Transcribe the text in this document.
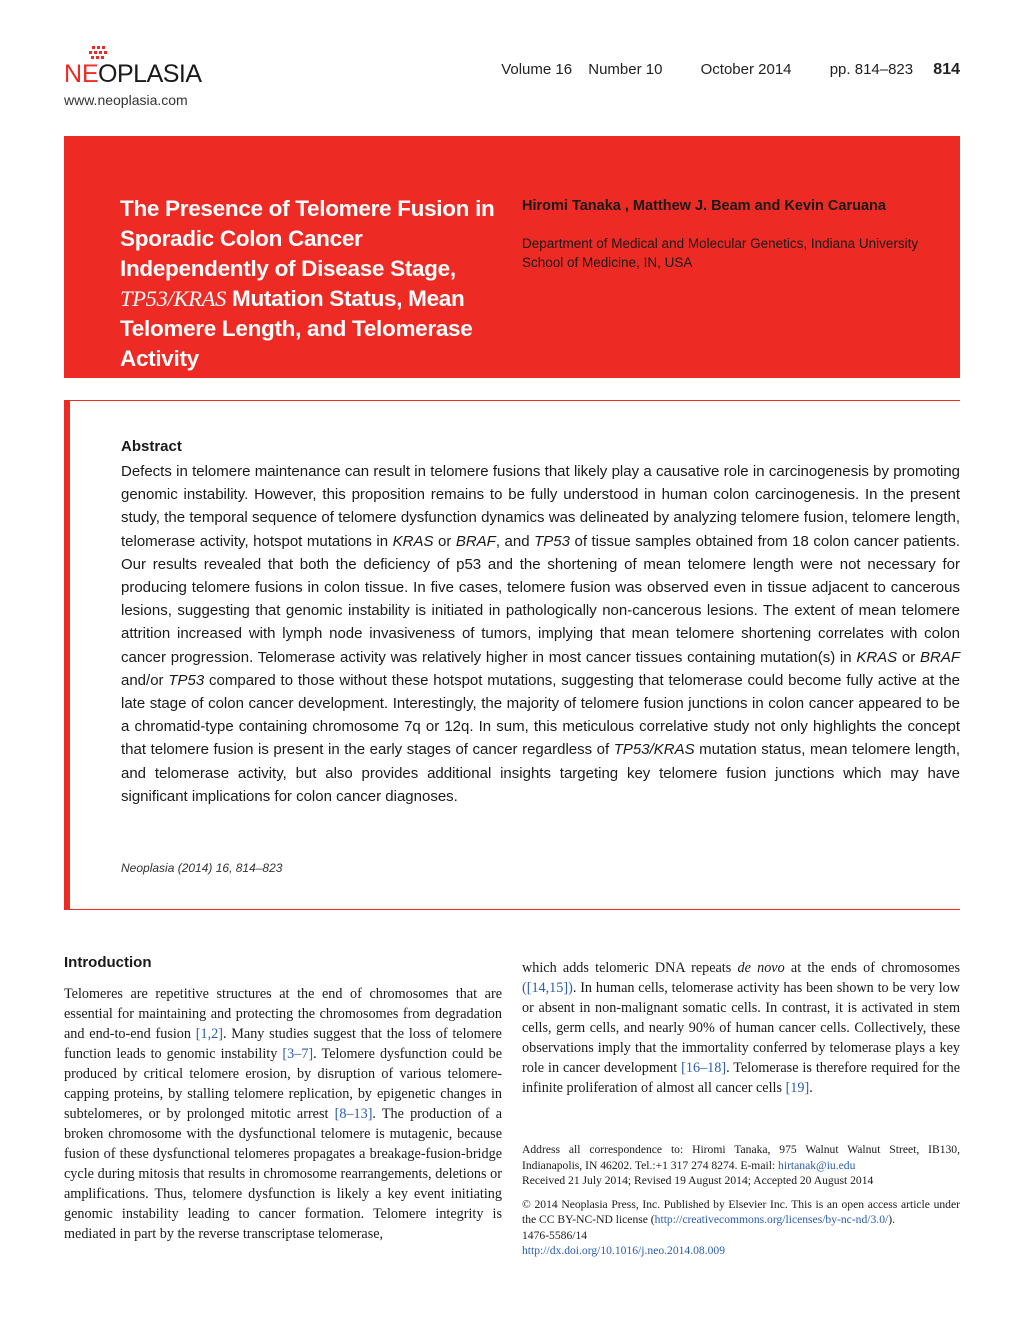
NE O PLASIA
www.neoplasia.com
Volume 16 Number 10	October 2014	pp. 814–823 814
The Presence of Telomere Fusion in Sporadic Colon Cancer Independently of Disease Stage, TP53/KRAS Mutation Status, Mean Telomere Length, and Telomerase Activity
Hiromi Tanaka , Matthew J. Beam and Kevin Caruana
Department of Medical and Molecular Genetics, Indiana University School of Medicine, IN, USA
Abstract

Defects in telomere maintenance can result in telomere fusions that likely play a causative role in carcinogenesis by promoting genomic instability. However, this proposition remains to be fully understood in human colon carcinogenesis. In the present study, the temporal sequence of telomere dysfunction dynamics was delineated by analyzing telomere fusion, telomere length, telomerase activity, hotspot mutations in KRAS or BRAF, and TP53 of tissue samples obtained from 18 colon cancer patients. Our results revealed that both the deficiency of p53 and the shortening of mean telomere length were not necessary for producing telomere fusions in colon tissue. In five cases, telomere fusion was observed even in tissue adjacent to cancerous lesions, suggesting that genomic instability is initiated in pathologically non-cancerous lesions. The extent of mean telomere attrition increased with lymph node invasiveness of tumors, implying that mean telomere shortening correlates with colon cancer progression. Telomerase activity was relatively higher in most cancer tissues containing mutation(s) in KRAS or BRAF and/or TP53 compared to those without these hotspot mutations, suggesting that telomerase could become fully active at the late stage of colon cancer development. Interestingly, the majority of telomere fusion junctions in colon cancer appeared to be a chromatid-type containing chromosome 7q or 12q. In sum, this meticulous correlative study not only highlights the concept that telomere fusion is present in the early stages of cancer regardless of TP53/KRAS mutation status, mean telomere length, and telomerase activity, but also provides additional insights targeting key telomere fusion junctions which may have significant implications for colon cancer diagnoses.

Neoplasia (2014) 16, 814–823
Introduction

Telomeres are repetitive structures at the end of chromosomes that are essential for maintaining and protecting the chromosomes from degradation and end-to-end fusion [1,2]. Many studies suggest that the loss of telomere function leads to genomic instability [3–7]. Telomere dysfunction could be produced by critical telomere erosion, by disruption of various telomere-capping proteins, by stalling telomere replication, by epigenetic changes in subtelomeres, or by prolonged mitotic arrest [8–13]. The production of a broken chromosome with the dysfunctional telomere is mutagenic, because fusion of these dysfunctional telomeres propagates a breakage-fusion-bridge cycle during mitosis that results in chromosome rearrangements, deletions or amplifications. Thus, telomere dysfunction is likely a key event initiating genomic instability leading to cancer formation. Telomere integrity is mediated in part by the reverse transcriptase telomerase,

which adds telomeric DNA repeats de novo at the ends of chromosomes ([14,15]). In human cells, telomerase activity has been shown to be very low or absent in non-malignant somatic cells. In contrast, it is activated in stem cells, germ cells, and nearly 90% of human cancer cells. Collectively, these observations imply that the immortality conferred by telomerase plays a key role in cancer development [16–18]. Telomerase is therefore required for the infinite proliferation of almost all cancer cells [19].

Address all correspondence to: Hiromi Tanaka, 975 Walnut Walnut Street, IB130, Indianapolis, IN 46202. Tel.:+1 317 274 8274. E-mail: hirtanak@iu.edu

Received 21 July 2014; Revised 19 August 2014; Accepted 20 August 2014

© 2014 Neoplasia Press, Inc. Published by Elsevier Inc. This is an open access article under the CC BY-NC-ND license (http://creativecommons.org/licenses/by-nc-nd/3.0/).

1476-5586/14

http://dx.doi.org/10.1016/j.neo.2014.08.009
